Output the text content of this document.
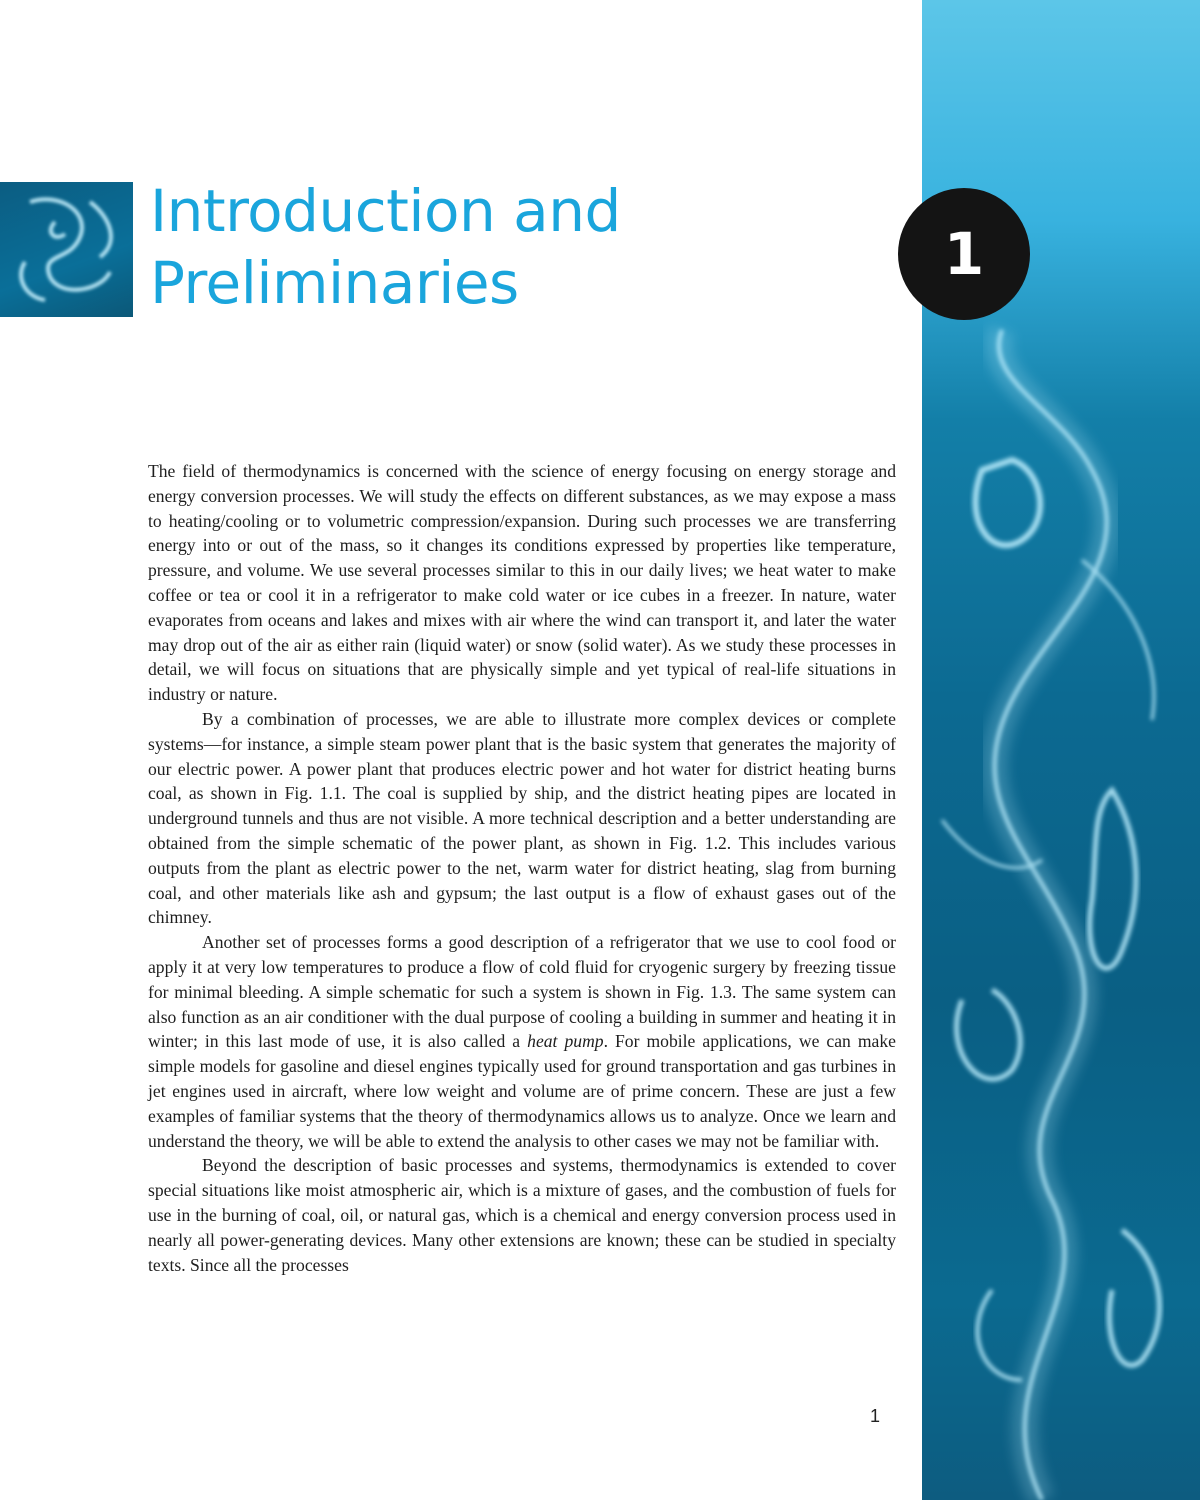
1
Introduction and
Preliminaries

The field of thermodynamics is concerned with the science of energy focusing on energy storage and energy conversion processes. We will study the effects on different substances, as we may expose a mass to heating/cooling or to volumetric compression/expansion. During such processes we are transferring energy into or out of the mass, so it changes its conditions expressed by properties like temperature, pressure, and volume. We use several processes similar to this in our daily lives; we heat water to make coffee or tea or cool it in a refrigerator to make cold water or ice cubes in a freezer. In nature, water evaporates from oceans and lakes and mixes with air where the wind can transport it, and later the water may drop out of the air as either rain (liquid water) or snow (solid water). As we study these processes in detail, we will focus on situations that are physically simple and yet typical of real-life situations in industry or nature.

By a combination of processes, we are able to illustrate more complex devices or complete systems—for instance, a simple steam power plant that is the basic system that generates the majority of our electric power. A power plant that produces electric power and hot water for district heating burns coal, as shown in Fig. 1.1. The coal is supplied by ship, and the district heating pipes are located in underground tunnels and thus are not visible. A more technical description and a better understanding are obtained from the simple schematic of the power plant, as shown in Fig. 1.2. This includes various outputs from the plant as electric power to the net, warm water for district heating, slag from burning coal, and other materials like ash and gypsum; the last output is a flow of exhaust gases out of the chimney.

Another set of processes forms a good description of a refrigerator that we use to cool food or apply it at very low temperatures to produce a flow of cold fluid for cryogenic surgery by freezing tissue for minimal bleeding. A simple schematic for such a system is shown in Fig. 1.3. The same system can also function as an air conditioner with the dual purpose of cooling a building in summer and heating it in winter; in this last mode of use, it is also called a heat pump. For mobile applications, we can make simple models for gasoline and diesel engines typically used for ground transportation and gas turbines in jet engines used in aircraft, where low weight and volume are of prime concern. These are just a few examples of familiar systems that the theory of thermodynamics allows us to analyze. Once we learn and understand the theory, we will be able to extend the analysis to other cases we may not be familiar with.

Beyond the description of basic processes and systems, thermodynamics is extended to cover special situations like moist atmospheric air, which is a mixture of gases, and the combustion of fuels for use in the burning of coal, oil, or natural gas, which is a chemical and energy conversion process used in nearly all power-generating devices. Many other extensions are known; these can be studied in specialty texts. Since all the processes

1
